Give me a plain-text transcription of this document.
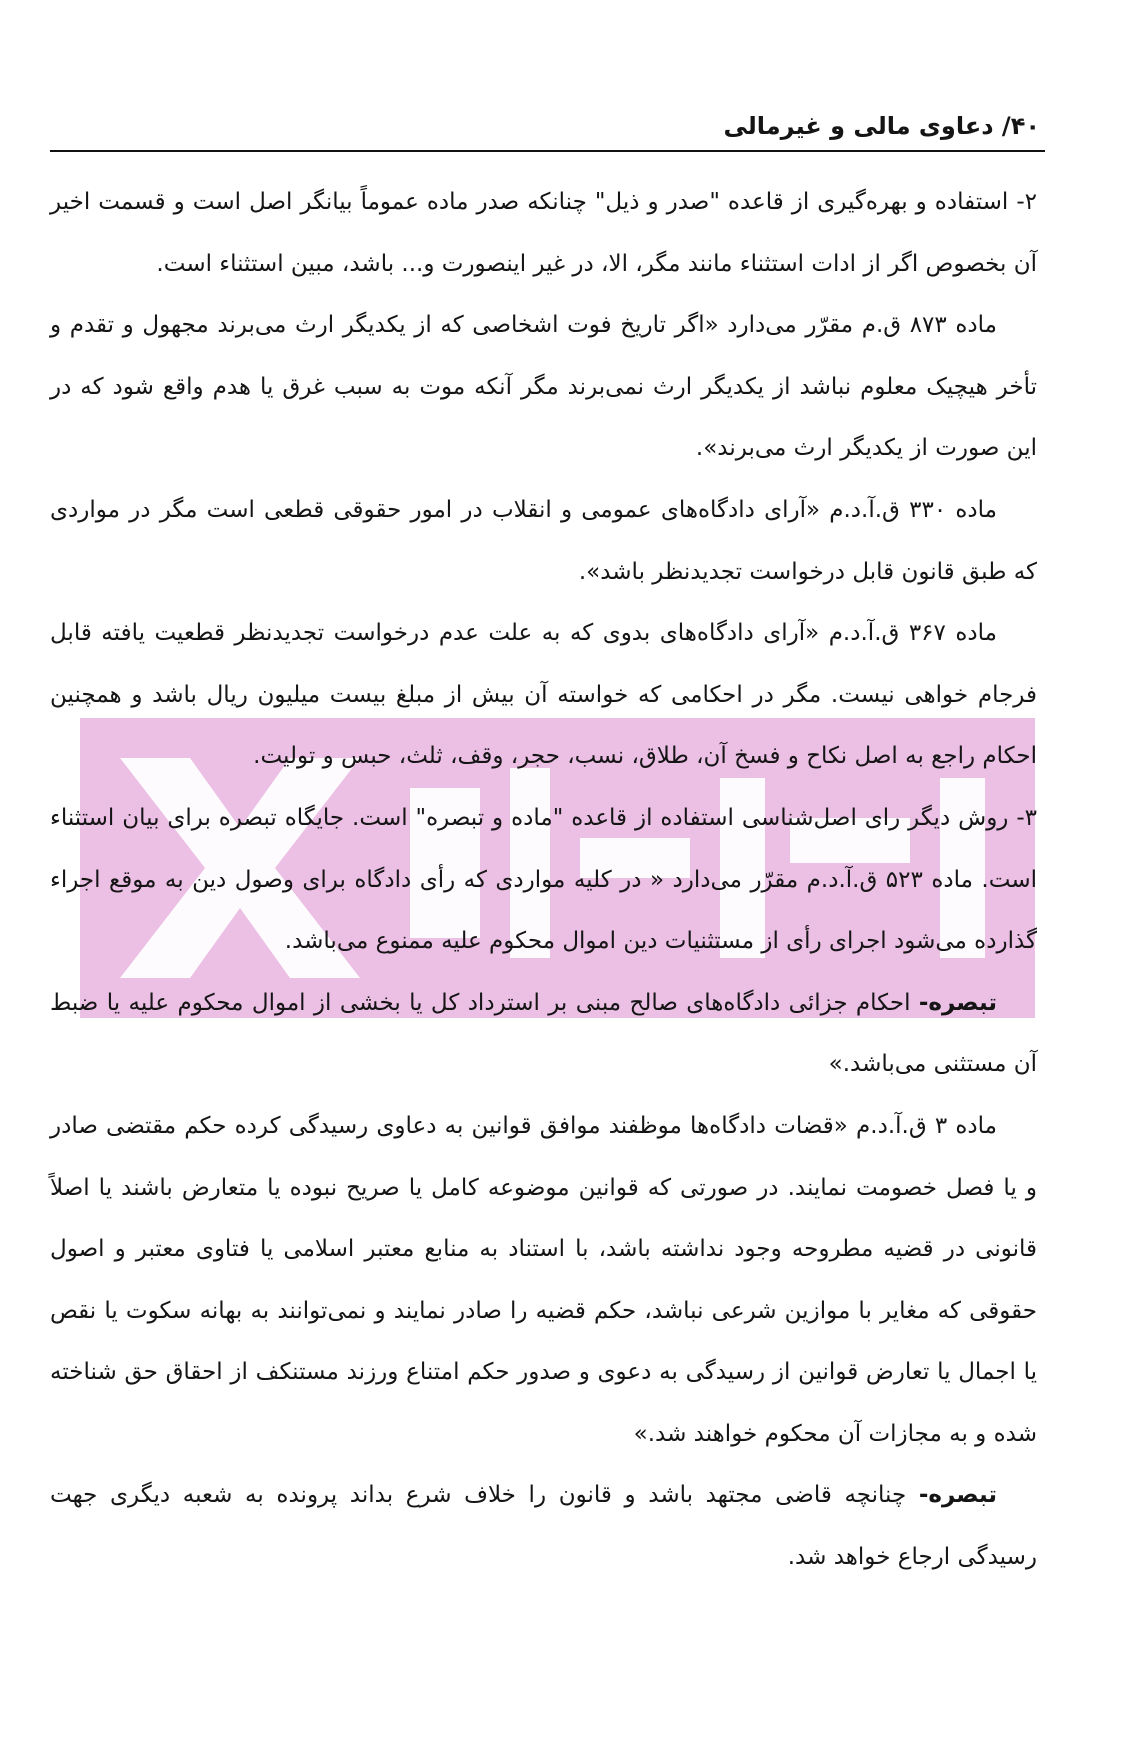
۴۰/ دعاوی مالی و غیرمالی

۲- استفاده و بهره‌گیری از قاعده "صدر و ذیل" چنانکه صدر ماده عموماً بیانگر اصل است و قسمت اخیر آن بخصوص اگر از ادات استثناء مانند مگر، الا، در غیر اینصورت و... باشد، مبین استثناء است.

ماده ۸۷۳ ق.م مقرّر می‌دارد «اگر تاریخ فوت اشخاصی که از یکدیگر ارث می‌برند مجهول و تقدم و تأخر هیچیک معلوم نباشد از یکدیگر ارث نمی‌برند مگر آنکه موت به سبب غرق یا هدم واقع شود که در این صورت از یکدیگر ارث می‌برند».

ماده ۳۳۰ ق.آ.د.م «آرای دادگاه‌های عمومی و انقلاب در امور حقوقی قطعی است مگر در مواردی که طبق قانون قابل درخواست تجدیدنظر باشد».

ماده ۳۶۷ ق.آ.د.م «آرای دادگاه‌های بدوی که به علت عدم درخواست تجدیدنظر قطعیت یافته قابل فرجام خواهی نیست. مگر در احکامی که خواسته آن بیش از مبلغ بیست میلیون ریال باشد و همچنین احکام راجع به اصل نکاح و فسخ آن، طلاق، نسب، حجر، وقف، ثلث، حبس و تولیت.

۳- روش دیگر رای اصل‌شناسی استفاده از قاعده "ماده و تبصره" است. جایگاه تبصره برای بیان استثناء است. ماده ۵۲۳ ق.آ.د.م مقرّر می‌دارد « در کلیه مواردی که رأی دادگاه برای وصول دین به موقع اجراء گذارده می‌شود اجرای رأی از مستثنیات دین اموال محکوم علیه ممنوع می‌باشد.

تبصره- احکام جزائی دادگاه‌های صالح مبنی بر استرداد کل یا بخشی از اموال محکوم علیه یا ضبط آن مستثنی می‌باشد.»

ماده ۳ ق.آ.د.م «قضات دادگاه‌ها موظفند موافق قوانین به دعاوی رسیدگی کرده حکم مقتضی صادر و یا فصل خصومت نمایند. در صورتی که قوانین موضوعه کامل یا صریح نبوده یا متعارض باشند یا اصلاً قانونی در قضیه مطروحه وجود نداشته باشد، با استناد به منابع معتبر اسلامی یا فتاوی معتبر و اصول حقوقی که مغایر با موازین شرعی نباشد، حکم قضیه را صادر نمایند و نمی‌توانند به بهانه سکوت یا نقص یا اجمال یا تعارض قوانین از رسیدگی به دعوی و صدور حکم امتناع ورزند مستنکف از احقاق حق شناخته شده و به مجازات آن محکوم خواهند شد.»

تبصره- چنانچه قاضی مجتهد باشد و قانون را خلاف شرع بداند پرونده به شعبه دیگری جهت رسیدگی ارجاع خواهد شد.
